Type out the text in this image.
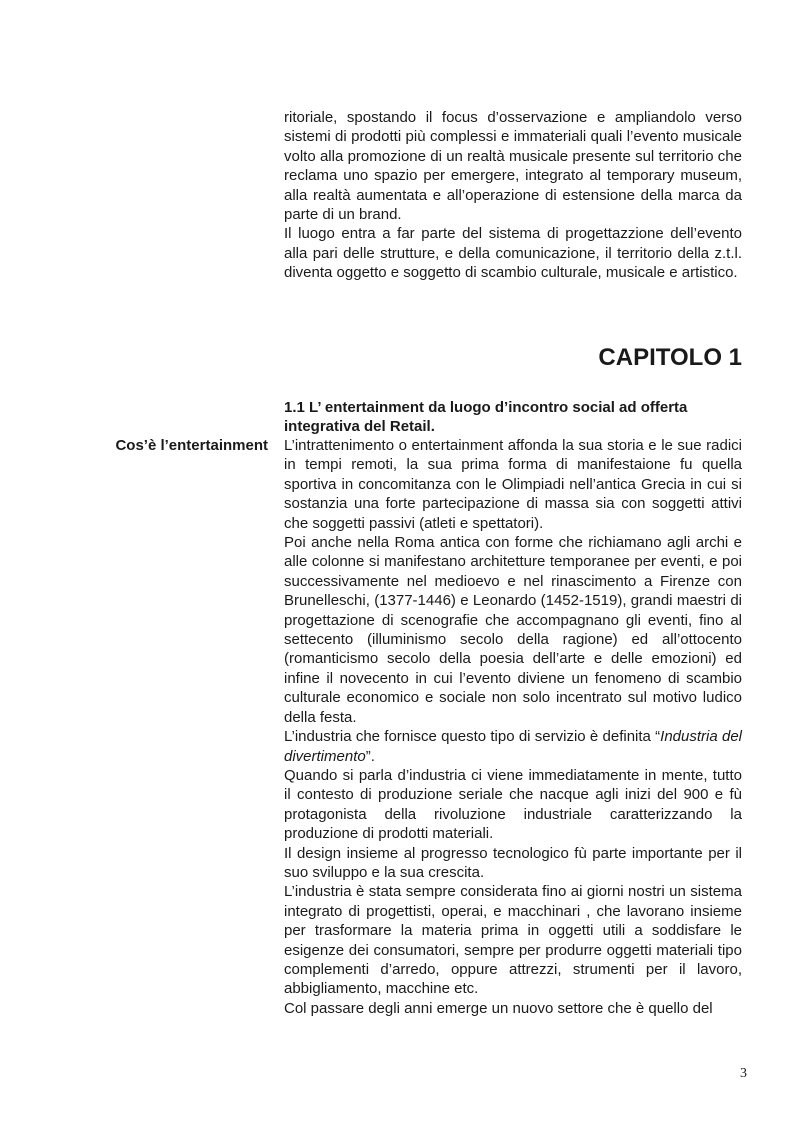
ritoriale, spostando il focus d’osservazione e ampliandolo verso sistemi di prodotti più complessi e immateriali quali l’evento musicale volto alla promozione di un realtà musicale presente sul territorio che reclama uno spazio per emergere, integrato al temporary museum, alla realtà aumentata e all’operazione di estensione della marca da parte di un brand.

Il luogo entra a far parte del sistema di progettazzione dell’evento alla pari delle strutture, e della comunicazione, il territorio della z.t.l. diventa oggetto e soggetto di scambio culturale, musicale e artistico.

CAPITOLO 1

1.1 L’ entertainment da luogo d’incontro social ad offerta integrativa del Retail.

Cos’è l’entertainment L’intrattenimento o entertainment affonda la sua storia e le sue radici in tempi remoti, la sua prima forma di manifestaione fu quella sportiva in concomitanza con le Olimpiadi nell’antica Grecia in cui si sostanzia una forte partecipazione di massa sia con soggetti attivi che soggetti passivi (atleti e spettatori).

Poi anche nella Roma antica con forme che richiamano agli archi e alle colonne si manifestano architetture temporanee per eventi, e poi successivamente nel medioevo e nel rinascimento a Firenze con Brunelleschi, (1377-1446) e Leonardo (1452-1519), grandi maestri di progettazione di scenografie che accompagnano gli eventi, fino al settecento (illuminismo secolo della ragione) ed all’ottocento (romanticismo secolo della poesia dell’arte e delle emozioni) ed infine il novecento in cui l’evento diviene un fenomeno di scambio culturale economico e sociale non solo incentrato sul motivo ludico della festa.

L’industria che fornisce questo tipo di servizio è definita “Industria del divertimento”.

Quando si parla d’industria ci viene immediatamente in mente, tutto il contesto di produzione seriale che nacque agli inizi del 900 e fù protagonista della rivoluzione industriale caratterizzando la produzione di prodotti materiali.

Il design insieme al progresso tecnologico fù parte importante per il suo sviluppo e la sua crescita.

L’industria è stata sempre considerata fino ai giorni nostri un sistema integrato di progettisti, operai, e macchinari , che lavorano insieme per trasformare la materia prima in oggetti utili a soddisfare le esigenze dei consumatori, sempre per produrre oggetti materiali tipo complementi d’arredo, oppure attrezzi, strumenti per il lavoro, abbigliamento, macchine etc.

Col passare degli anni emerge un nuovo settore che è quello del

3
